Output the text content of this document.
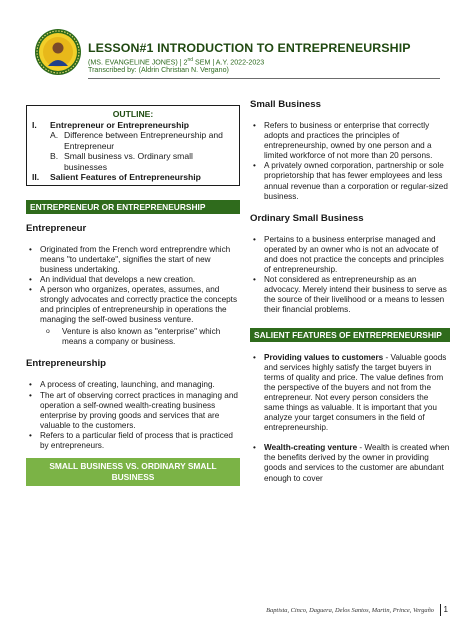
LESSON#1 INTRODUCTION TO ENTREPRENEURSHIP
(MS. EVANGELINE JONES) | 2nd SEM | A.Y. 2022-2023
Transcribed by: (Aldrin Christian N. Vergano)
OUTLINE:
I.	Entrepreneur or Entrepreneurship
A. Difference between Entrepreneurship and Entrepreneur
B. Small business vs. Ordinary small businesses
II.	Salient Features of Entrepreneurship
ENTREPRENEUR OR ENTREPRENEURSHIP
Entrepreneur
• Originated from the French word entreprendre which means "to undertake", signifies the start of new business undertaking.
• An individual that develops a new creation.
• A person who organizes, operates, assumes, and strongly advocates and correctly practice the concepts and principles of entrepreneurship in operations the managing the self-owed business venture.
o Venture is also known as "enterprise" which means a company or business.
Entrepreneurship
• A process of creating, launching, and managing.
• The art of observing correct practices in managing and operation a self-owned wealth-creating business enterprise by proving goods and services that are valuable to the customers.
• Refers to a particular field of process that is practiced by entrepreneurs.
SMALL BUSINESS VS. ORDINARY SMALL BUSINESS
Small Business
• Refers to business or enterprise that correctly adopts and practices the principles of entrepreneurship, owned by one person and a limited workforce of not more than 20 persons.
• A privately owned corporation, partnership or sole proprietorship that has fewer employees and less annual revenue than a corporation or regular-sized business.
Ordinary Small Business
• Pertains to a business enterprise managed and operated by an owner who is not an advocate of and does not practice the concepts and principles of entrepreneurship.
• Not considered as entrepreneurship as an advocacy. Merely intend their business to serve as the source of their livelihood or a means to lessen their financial problems.
SALIENT FEATURES OF ENTREPRENEURSHIP
• Providing values to customers - Valuable goods and services highly satisfy the target buyers in terms of quality and price. The value defines from the perspective of the buyers and not from the entrepreneur. Not every person considers the same things as valuable. It is important that you analyze your target consumers in the field of entrepreneurship.
• Wealth-creating venture - Wealth is created when the benefits derived by the owner in providing goods and services to the customer are abundant enough to cover
Baptista, Cinco, Daguera, Delos Santos, Martin, Prince, Vergaño	1
